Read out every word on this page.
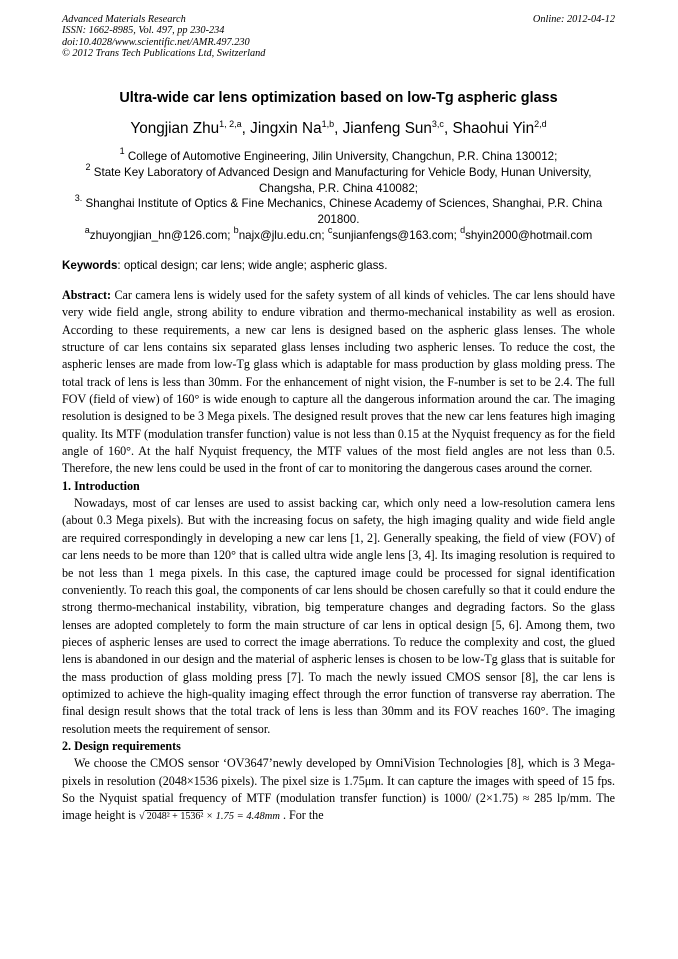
Advanced Materials Research
ISSN: 1662-8985, Vol. 497, pp 230-234
doi:10.4028/www.scientific.net/AMR.497.230
© 2012 Trans Tech Publications Ltd, Switzerland
Online: 2012-04-12
Ultra-wide car lens optimization based on low-Tg aspheric glass
Yongjian Zhu$^{1, 2,a}$, Jingxin Na$^{1,b}$, Jianfeng Sun$^{3,c}$, Shaohui Yin$^{2,d}$
$^1$ College of Automotive Engineering, Jilin University, Changchun, P.R. China 130012;
$^2$ State Key Laboratory of Advanced Design and Manufacturing for Vehicle Body, Hunan University, Changsha, P.R. China 410082;
$^{3.}$ Shanghai Institute of Optics & Fine Mechanics, Chinese Academy of Sciences, Shanghai, P.R. China 201800.
$^a$zhuyongjian_hn@126.com; $^b$najx@jlu.edu.cn; $^c$sunjianfengs@163.com; $^d$shyin2000@hotmail.com
Keywords: optical design; car lens; wide angle; aspheric glass.

Abstract: Car camera lens is widely used for the safety system of all kinds of vehicles. The car lens should have very wide field angle, strong ability to endure vibration and thermo-mechanical instability as well as erosion. According to these requirements, a new car lens is designed based on the aspheric glass lenses. The whole structure of car lens contains six separated glass lenses including two aspheric lenses. To reduce the cost, the aspheric lenses are made from low-Tg glass which is adaptable for mass production by glass molding press. The total track of lens is less than 30mm. For the enhancement of night vision, the F-number is set to be 2.4. The full FOV (field of view) of 160° is wide enough to capture all the dangerous information around the car. The imaging resolution is designed to be 3 Mega pixels. The designed result proves that the new car lens features high imaging quality. Its MTF (modulation transfer function) value is not less than 0.15 at the Nyquist frequency as for the field angle of 160°. At the half Nyquist frequency, the MTF values of the most field angles are not less than 0.5. Therefore, the new lens could be used in the front of car to monitoring the dangerous cases around the corner.

1. Introduction

Nowadays, most of car lenses are used to assist backing car, which only need a low-resolution camera lens (about 0.3 Mega pixels). But with the increasing focus on safety, the high imaging quality and wide field angle are required correspondingly in developing a new car lens [1, 2]. Generally speaking, the field of view (FOV) of car lens needs to be more than 120° that is called ultra wide angle lens [3, 4]. Its imaging resolution is required to be not less than 1 mega pixels. In this case, the captured image could be processed for signal identification conveniently. To reach this goal, the components of car lens should be chosen carefully so that it could endure the strong thermo-mechanical instability, vibration, big temperature changes and degrading factors. So the glass lenses are adopted completely to form the main structure of car lens in optical design [5, 6]. Among them, two pieces of aspheric lenses are used to correct the image aberrations. To reduce the complexity and cost, the glued lens is abandoned in our design and the material of aspheric lenses is chosen to be low-Tg glass that is suitable for the mass production of glass molding press [7]. To mach the newly issued CMOS sensor [8], the car lens is optimized to achieve the high-quality imaging effect through the error function of transverse ray aberration. The final design result shows that the total track of lens is less than 30mm and its FOV reaches 160°. The imaging resolution meets the requirement of sensor.

2. Design requirements

We choose the CMOS sensor ‘OV3647’newly developed by OmniVision Technologies [8], which is 3 Mega-pixels in resolution (2048×1536 pixels). The pixel size is 1.75μm. It can capture the images with speed of 15 fps. So the Nyquist spatial frequency of MTF (modulation transfer function) is 1000/ (2×1.75) ≈ 285 lp/mm. The image height is √ 2048² + 1536² × 1.75 = 4.48mm . For the
